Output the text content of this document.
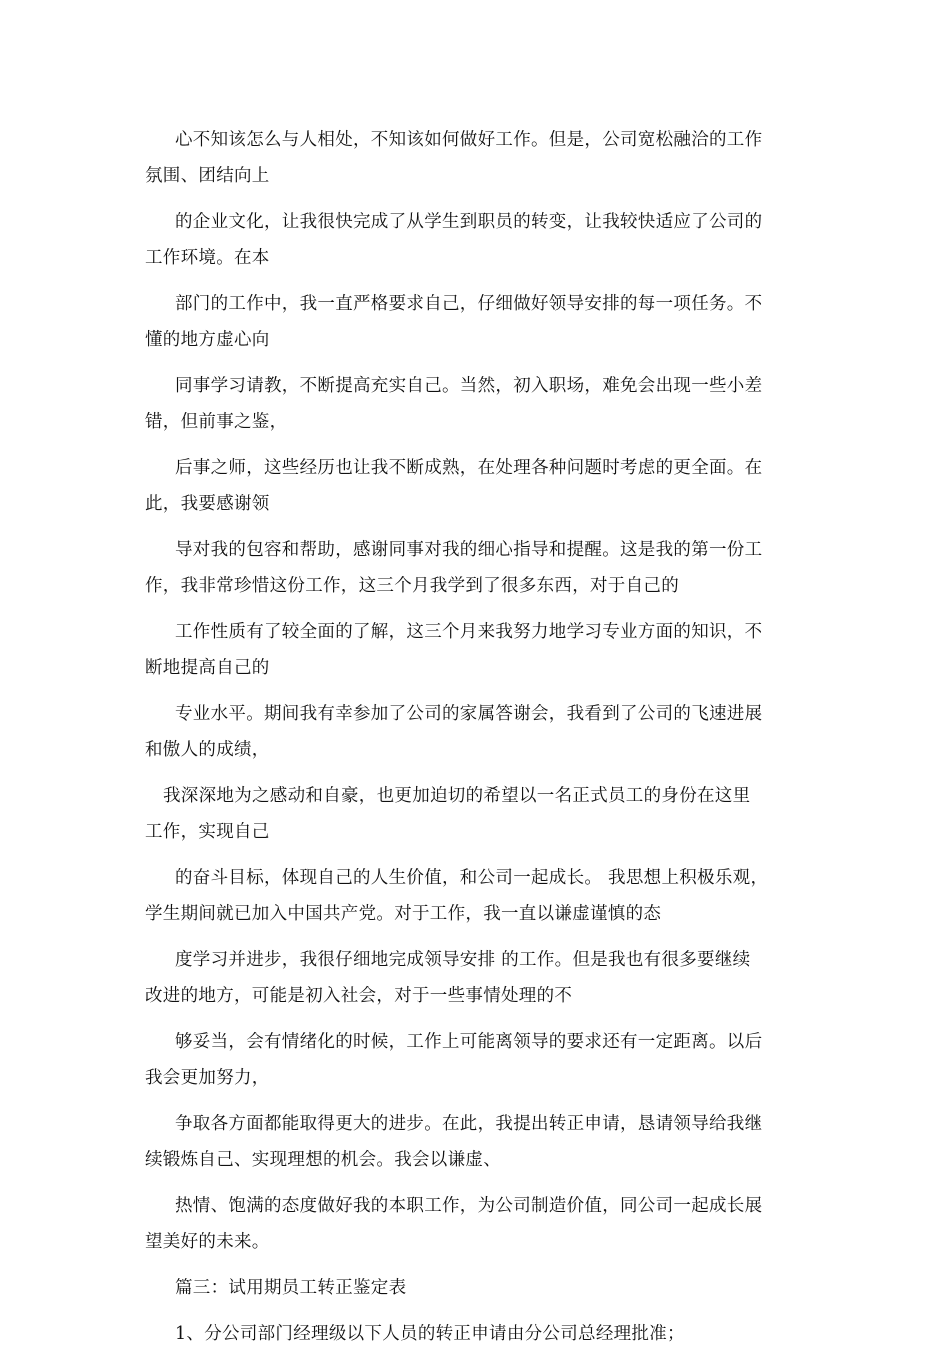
心不知该怎么与人相处，不知该如何做好工作。但是，公司宽松融洽的工作
氛围、团结向上

的企业文化，让我很快完成了从学生到职员的转变，让我较快适应了公司的
工作环境。在本

部门的工作中，我一直严格要求自己，仔细做好领导安排的每一项任务。不
懂的地方虚心向

同事学习请教，不断提高充实自己。当然，初入职场，难免会出现一些小差
错，但前事之鉴，

后事之师，这些经历也让我不断成熟，在处理各种问题时考虑的更全面。在
此，我要感谢领

导对我的包容和帮助，感谢同事对我的细心指导和提醒。这是我的第一份工
作，我非常珍惜这份工作，这三个月我学到了很多东西，对于自己的

工作性质有了较全面的了解，这三个月来我努力地学习专业方面的知识，不
断地提高自己的

专业水平。期间我有幸参加了公司的家属答谢会，我看到了公司的飞速进展
和傲人的成绩，

我深深地为之感动和自豪，也更加迫切的希望以一名正式员工的身份在这里
工作，实现自己

的奋斗目标，体现自己的人生价值，和公司一起成长。 我思想上积极乐观，
学生期间就已加入中国共产党。对于工作，我一直以谦虚谨慎的态

度学习并进步，我很仔细地完成领导安排 的工作。但是我也有很多要继续
改进的地方，可能是初入社会，对于一些事情处理的不

够妥当，会有情绪化的时候，工作上可能离领导的要求还有一定距离。以后
我会更加努力，

争取各方面都能取得更大的进步。在此，我提出转正申请，恳请领导给我继
续锻炼自己、实现理想的机会。我会以谦虚、

热情、饱满的态度做好我的本职工作，为公司制造价值，同公司一起成长展
望美好的未来。

篇三：试用期员工转正鉴定表

1、分公司部门经理级以下人员的转正申请由分公司总经理批准；
